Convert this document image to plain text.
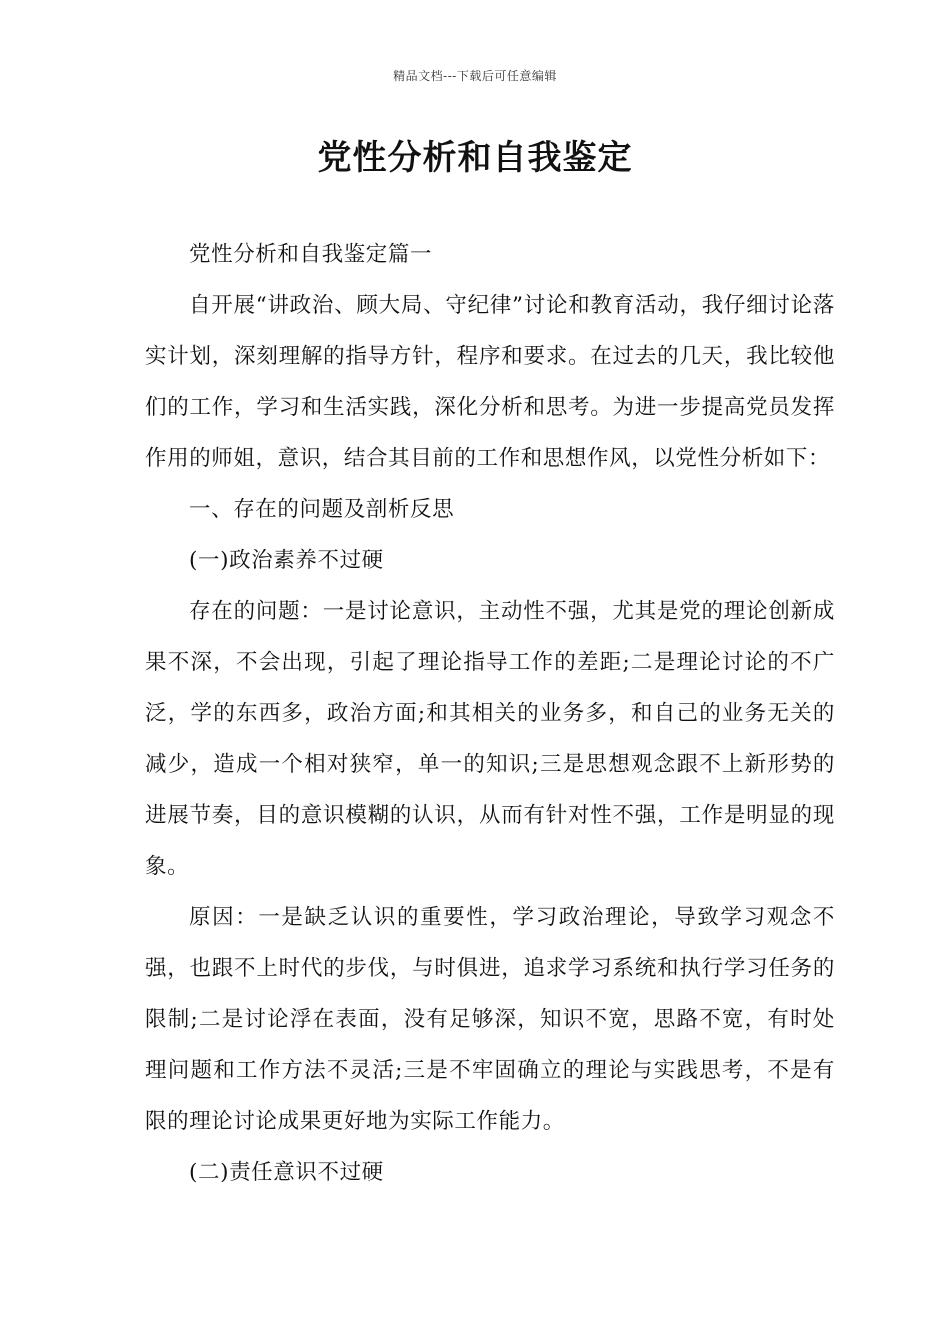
精品文档---下载后可任意编辑
党性分析和自我鉴定

党性分析和自我鉴定篇一

自开展“讲政治、顾大局、守纪律”讨论和教育活动，我仔细讨论落实计划，深刻理解的指导方针，程序和要求。在过去的几天，我比较他们的工作，学习和生活实践，深化分析和思考。为进一步提高党员发挥作用的师姐，意识，结合其目前的工作和思想作风，以党性分析如下：

一、存在的问题及剖析反思

(一)政治素养不过硬

存在的问题：一是讨论意识，主动性不强，尤其是党的理论创新成果不深，不会出现，引起了理论指导工作的差距;二是理论讨论的不广泛，学的东西多，政治方面;和其相关的业务多，和自己的业务无关的减少，造成一个相对狭窄，单一的知识;三是思想观念跟不上新形势的进展节奏，目的意识模糊的认识，从而有针对性不强，工作是明显的现象。

原因：一是缺乏认识的重要性，学习政治理论，导致学习观念不强，也跟不上时代的步伐，与时俱进，追求学习系统和执行学习任务的限制;二是讨论浮在表面，没有足够深，知识不宽，思路不宽，有时处理问题和工作方法不灵活;三是不牢固确立的理论与实践思考，不是有限的理论讨论成果更好地为实际工作能力。

(二)责任意识不过硬
